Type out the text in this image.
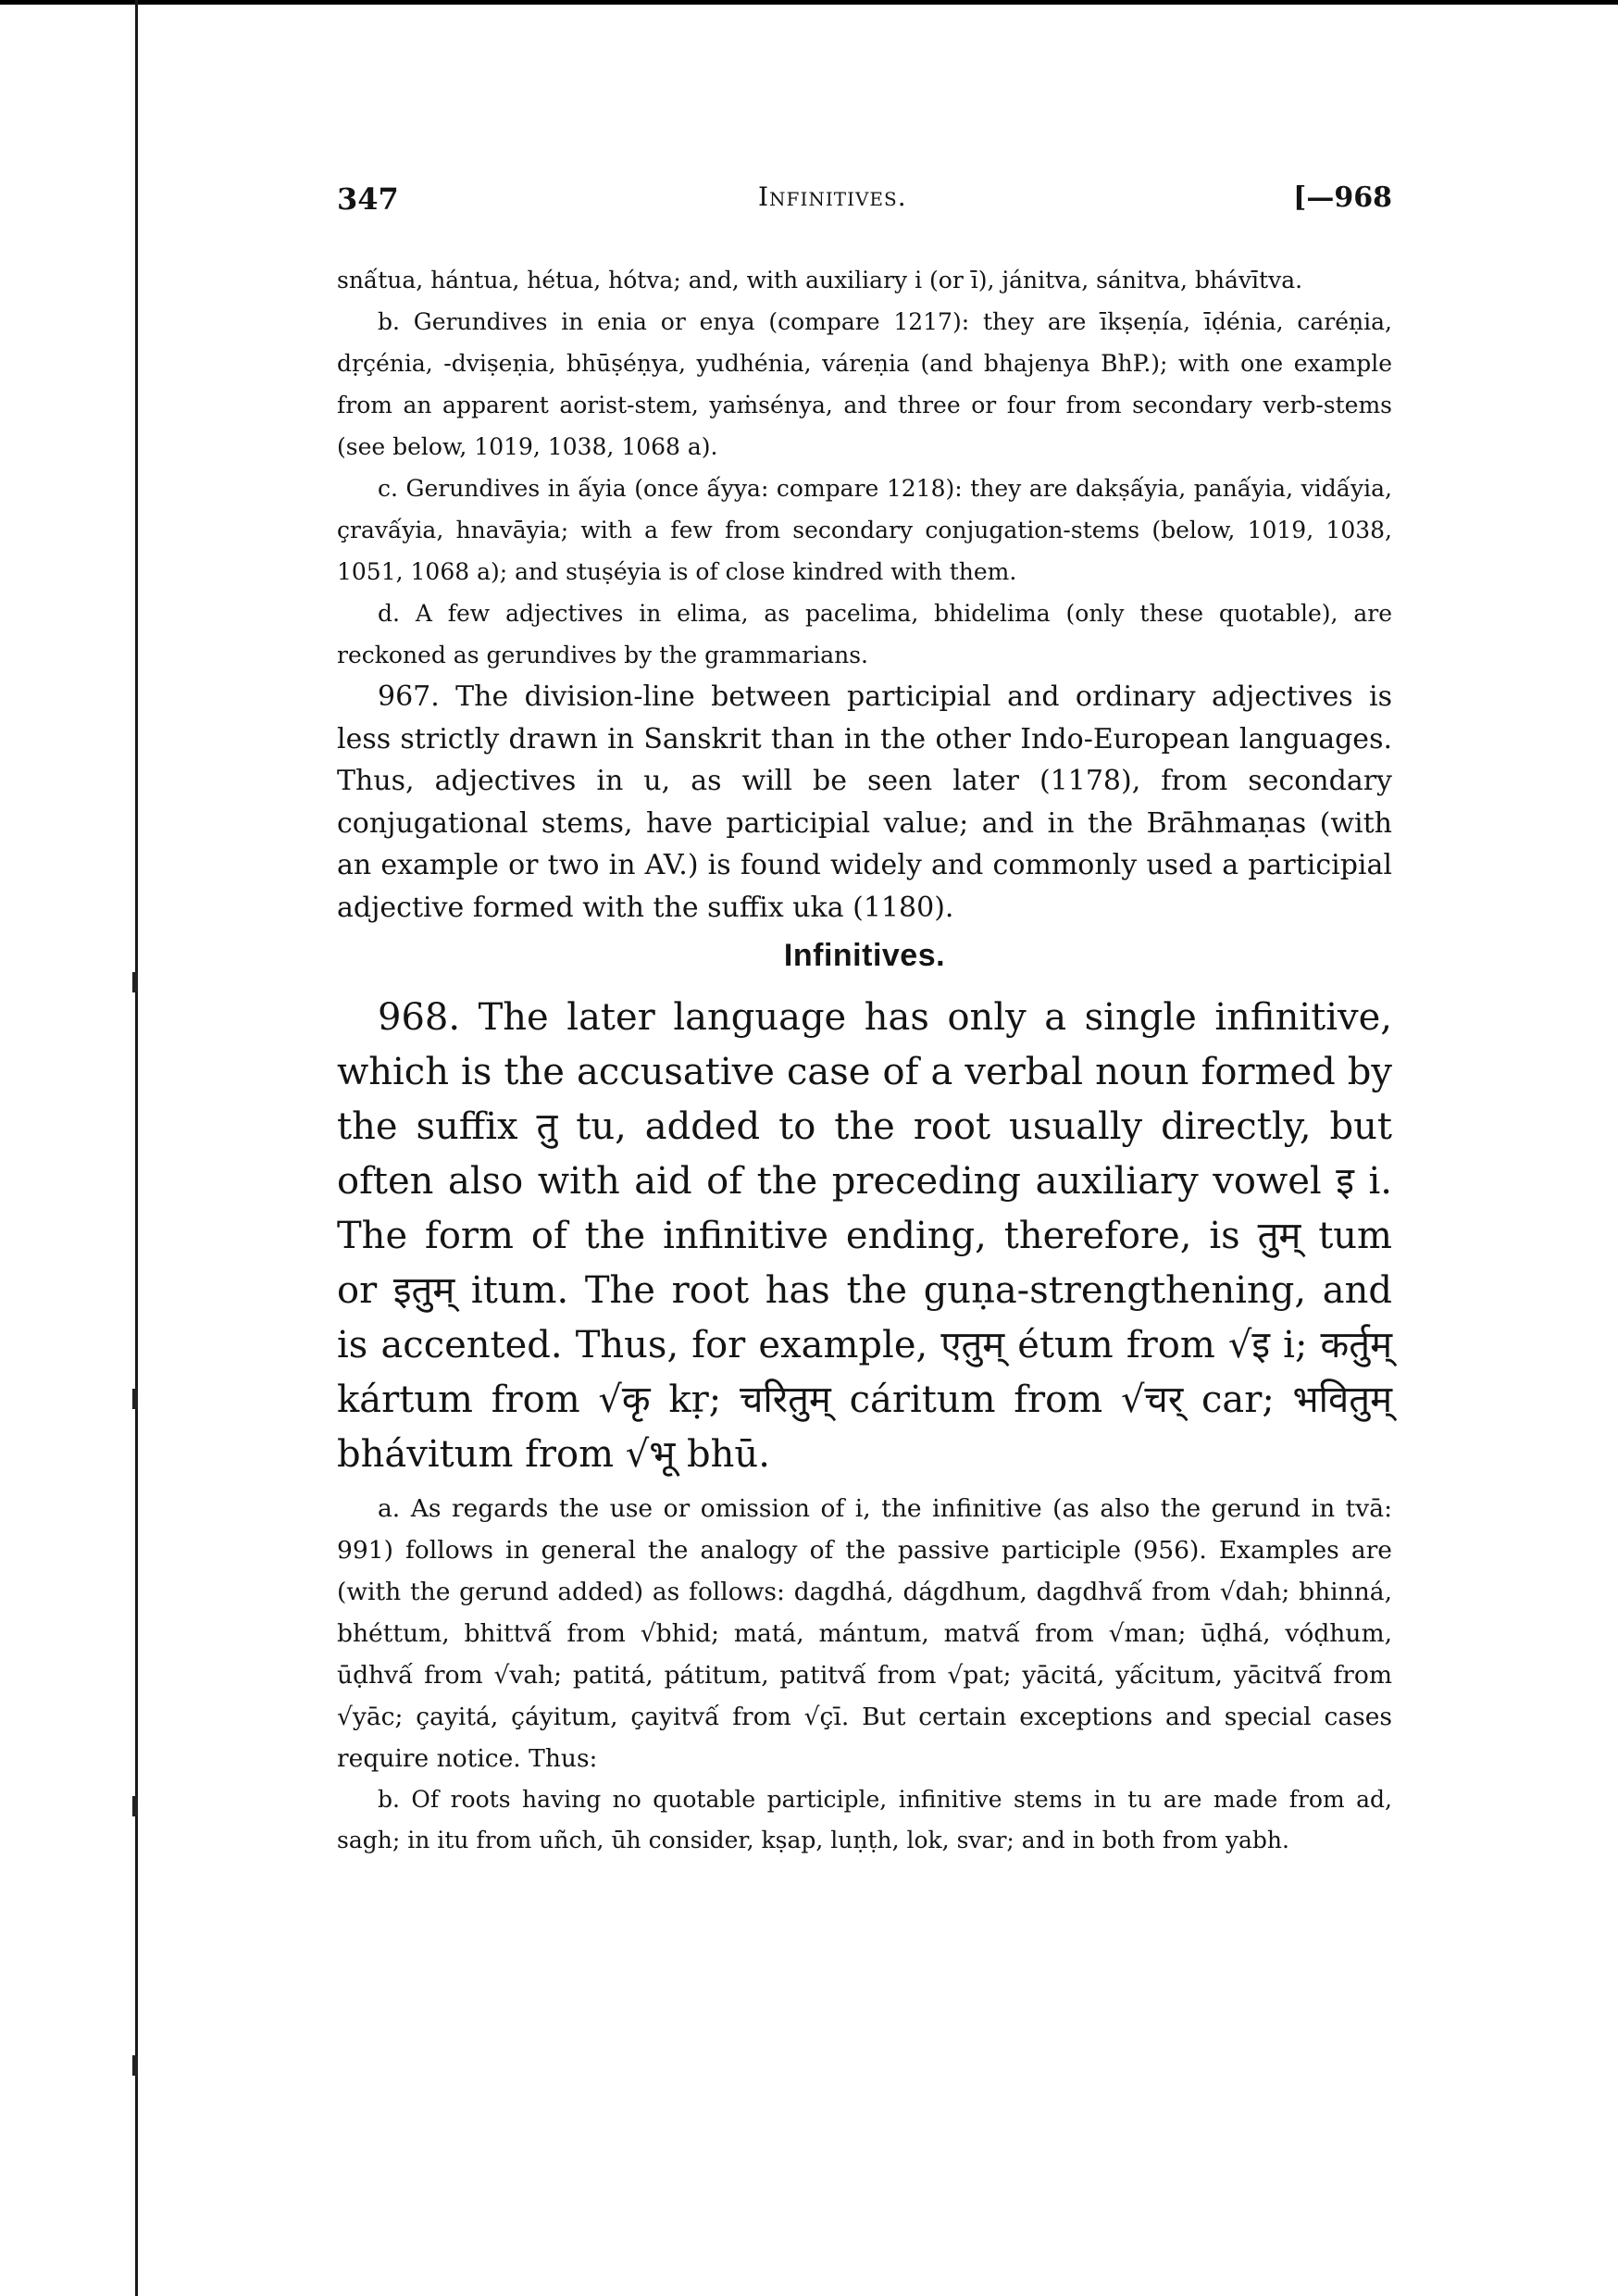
347	Infinitives.	[—968

snấtua, hántua, hétua, hótva; and, with auxiliary i (or ī), jánitva, sánitva, bhávītva.

b. Gerundives in enia or enya (compare 1217): they are īkṣeṇía, īḍénia, caréṇia, dṛçénia, -dviṣeṇia, bhūṣéṇya, yudhénia, váreṇia (and bhajenya BhP.); with one example from an apparent aorist-stem, yaṁsénya, and three or four from secondary verb-stems (see below, 1019, 1038, 1068 a).

c. Gerundives in ấyia (once ấyya: compare 1218): they are dakṣấyia, panấyia, vidấyia, çravấyia, hnavāyia; with a few from secondary conjugation-stems (below, 1019, 1038, 1051, 1068 a); and stuṣéyia is of close kindred with them.

d. A few adjectives in elima, as pacelima, bhidelima (only these quotable), are reckoned as gerundives by the grammarians.

967. The division-line between participial and ordinary adjectives is less strictly drawn in Sanskrit than in the other Indo-European languages. Thus, adjectives in u, as will be seen later (1178), from secondary conjugational stems, have participial value; and in the Brāhmaṇas (with an example or two in AV.) is found widely and commonly used a participial adjective formed with the suffix uka (1180).

Infinitives.

968. The later language has only a single infinitive, which is the accusative case of a verbal noun formed by the suffix तु tu, added to the root usually directly, but often also with aid of the preceding auxiliary vowel इ i. The form of the infinitive ending, therefore, is तुम् tum or इतुम् itum. The root has the guṇa-strengthening, and is accented. Thus, for example, एतुम् étum from √इ i; कर्तुम् kártum from √कृ kṛ; चरितुम् cáritum from √चर् car; भवितुम् bhávitum from √भू bhū.

a. As regards the use or omission of i, the infinitive (as also the gerund in tvā: 991) follows in general the analogy of the passive participle (956). Examples are (with the gerund added) as follows: dagdhá, dágdhum, dagdhvấ from √dah; bhinná, bhéttum, bhittvấ from √bhid; matá, mántum, matvấ from √man; ūḍhá, vóḍhum, ūḍhvấ from √vah; patitá, pátitum, patitvấ from √pat; yācitá, yấcitum, yācitvấ from √yāc; çayitá, çáyitum, çayitvấ from √çī. But certain exceptions and special cases require notice. Thus:

b. Of roots having no quotable participle, infinitive stems in tu are made from ad, sagh; in itu from uñch, ūh consider, kṣap, luṇṭh, lok, svar; and in both from yabh.
